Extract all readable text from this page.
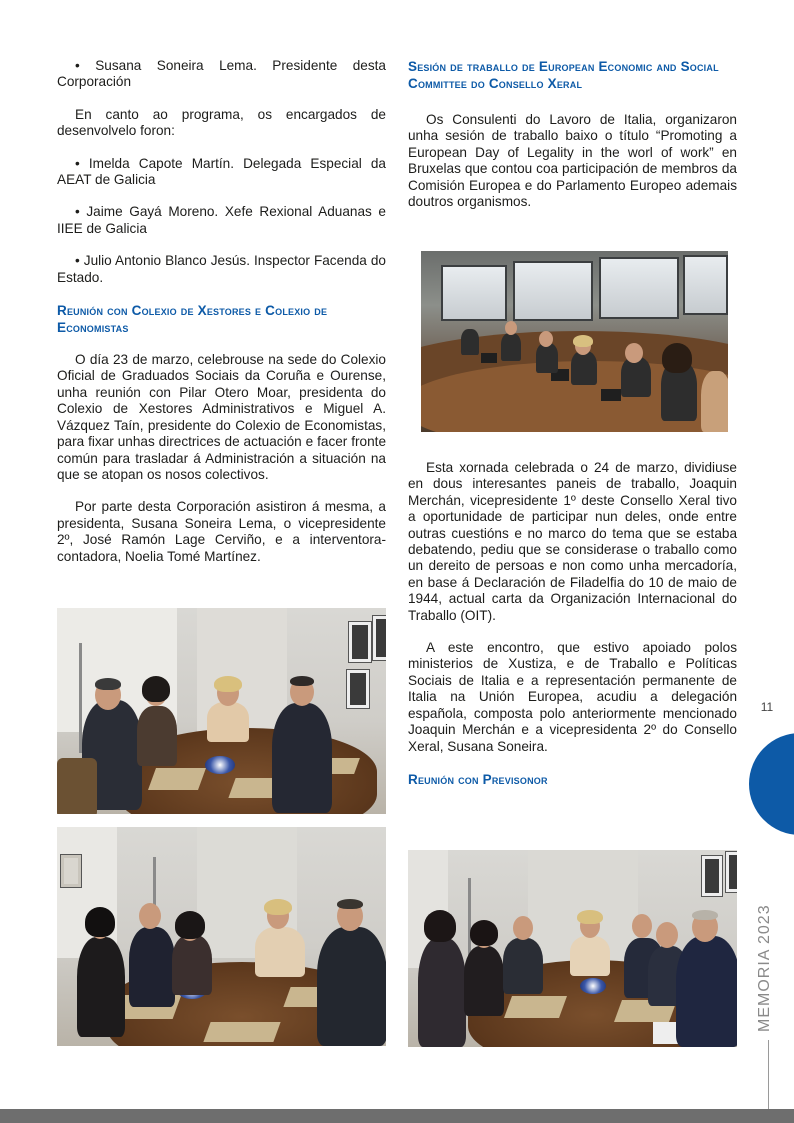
• Susana Soneira Lema. Presidente desta Corporación

En canto ao programa, os encargados de desenvolvelo foron:

• Imelda Capote Martín. Delegada Especial da AEAT de Galicia

• Jaime Gayá Moreno. Xefe Rexional Aduanas e IIEE de Galicia

• Julio Antonio Blanco Jesús. Inspector Facenda do Estado.

Reunión con Colexio de Xestores e Colexio de Economistas

O día 23 de marzo, celebrouse na sede do Colexio Oficial de Graduados Sociais da Coruña e Ourense, unha reunión con Pilar Otero Moar, presidenta do Colexio de Xestores Administrativos e Miguel A. Vázquez Taín, presidente do Colexio de Economistas, para fixar unhas directrices de actuación e facer fronte común para trasladar á Administración a situación na que se atopan os nosos colectivos.

Por parte desta Corporación asistiron á mesma, a presidenta, Susana Soneira Lema, o vicepresidente 2º, José Ramón Lage Cerviño, e a interventora-contadora, Noelia Tomé Martínez.

Sesión de traballo de European Economic and Social Committee do Consello Xeral

Os Consulenti do Lavoro de Italia, organizaron unha sesión de traballo baixo o título “Promoting a European Day of Legality in the worl of work” en Bruxelas que contou coa participación de membros da Comisión Europea e do Parlamento Europeo ademais doutros organismos.

Esta xornada celebrada o 24 de marzo, dividiuse en dous interesantes paneis de traballo, Joaquin Merchán, vicepresidente 1º deste Consello Xeral tivo a oportunidade de participar nun deles, onde entre outras cuestións e no marco do tema que se estaba debatendo, pediu que se considerase o traballo como un dereito de persoas e non como unha mercadoría, en base á Declaración de Filadelfia do 10 de maio de 1944, actual carta da Organización Internacional do Traballo (OIT).

A este encontro, que estivo apoiado polos ministerios de Xustiza, e de Traballo e Políticas Sociais de Italia e a representación permanente de Italia na Unión Europea, acudiu a delegación española, composta polo anteriormente mencionado Joaquin Merchán e a vicepresidenta 2º do Consello Xeral, Susana Soneira.

Reunión con Previsonor
11
MEMORIA 2023
